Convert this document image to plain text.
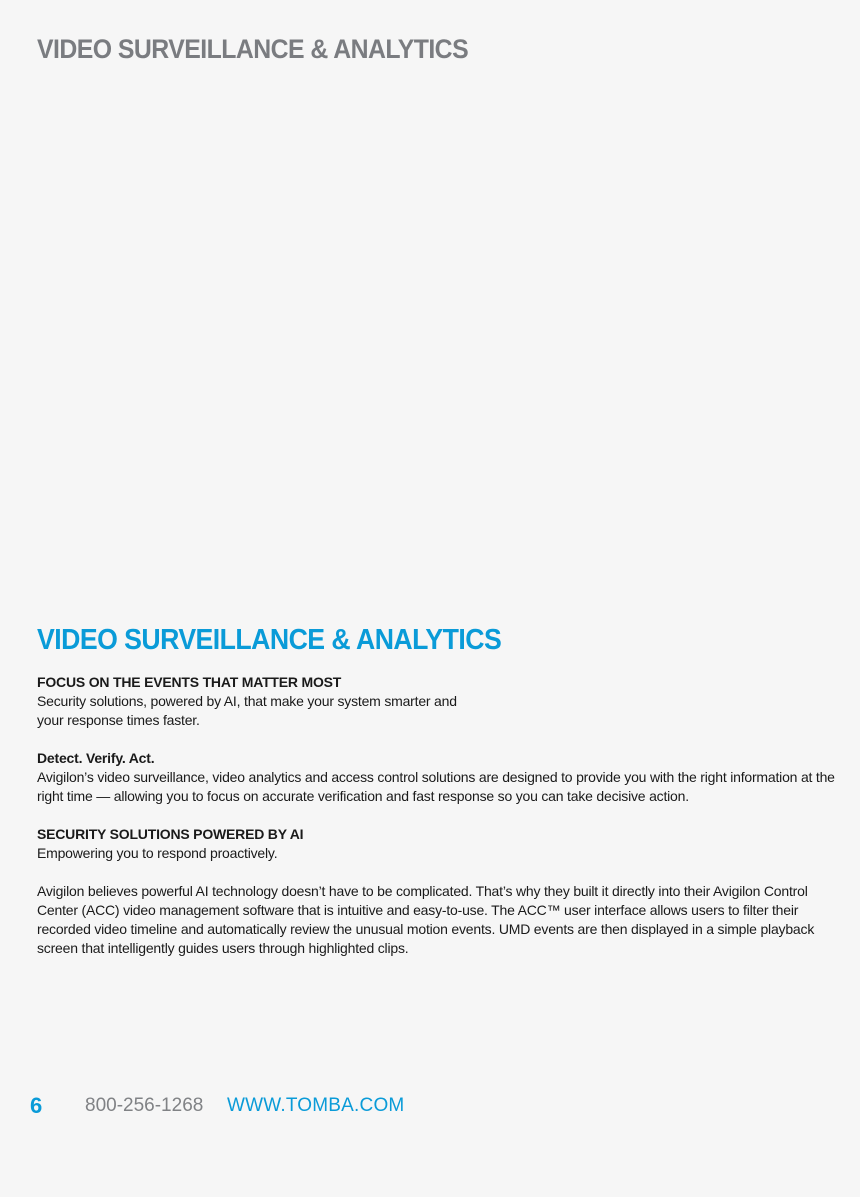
VIDEO SURVEILLANCE & ANALYTICS
VIDEO SURVEILLANCE & ANALYTICS
FOCUS ON THE EVENTS THAT MATTER MOST
Security solutions, powered by AI, that make your system smarter and your response times faster.
Detect. Verify. Act.
Avigilon’s video surveillance, video analytics and access control solutions are designed to provide you with the right information at the right time — allowing you to focus on accurate verification and fast response so you can take decisive action.
SECURITY SOLUTIONS POWERED BY AI
Empowering you to respond proactively.
Avigilon believes powerful AI technology doesn’t have to be complicated. That’s why they built it directly into their Avigilon Control Center (ACC) video management software that is intuitive and easy-to-use. The ACC™ user interface allows users to filter their recorded video timeline and automatically review the unusual motion events. UMD events are then displayed in a simple playback screen that intelligently guides users through highlighted clips.
6	800-256-1268	WWW.TOMBA.COM
